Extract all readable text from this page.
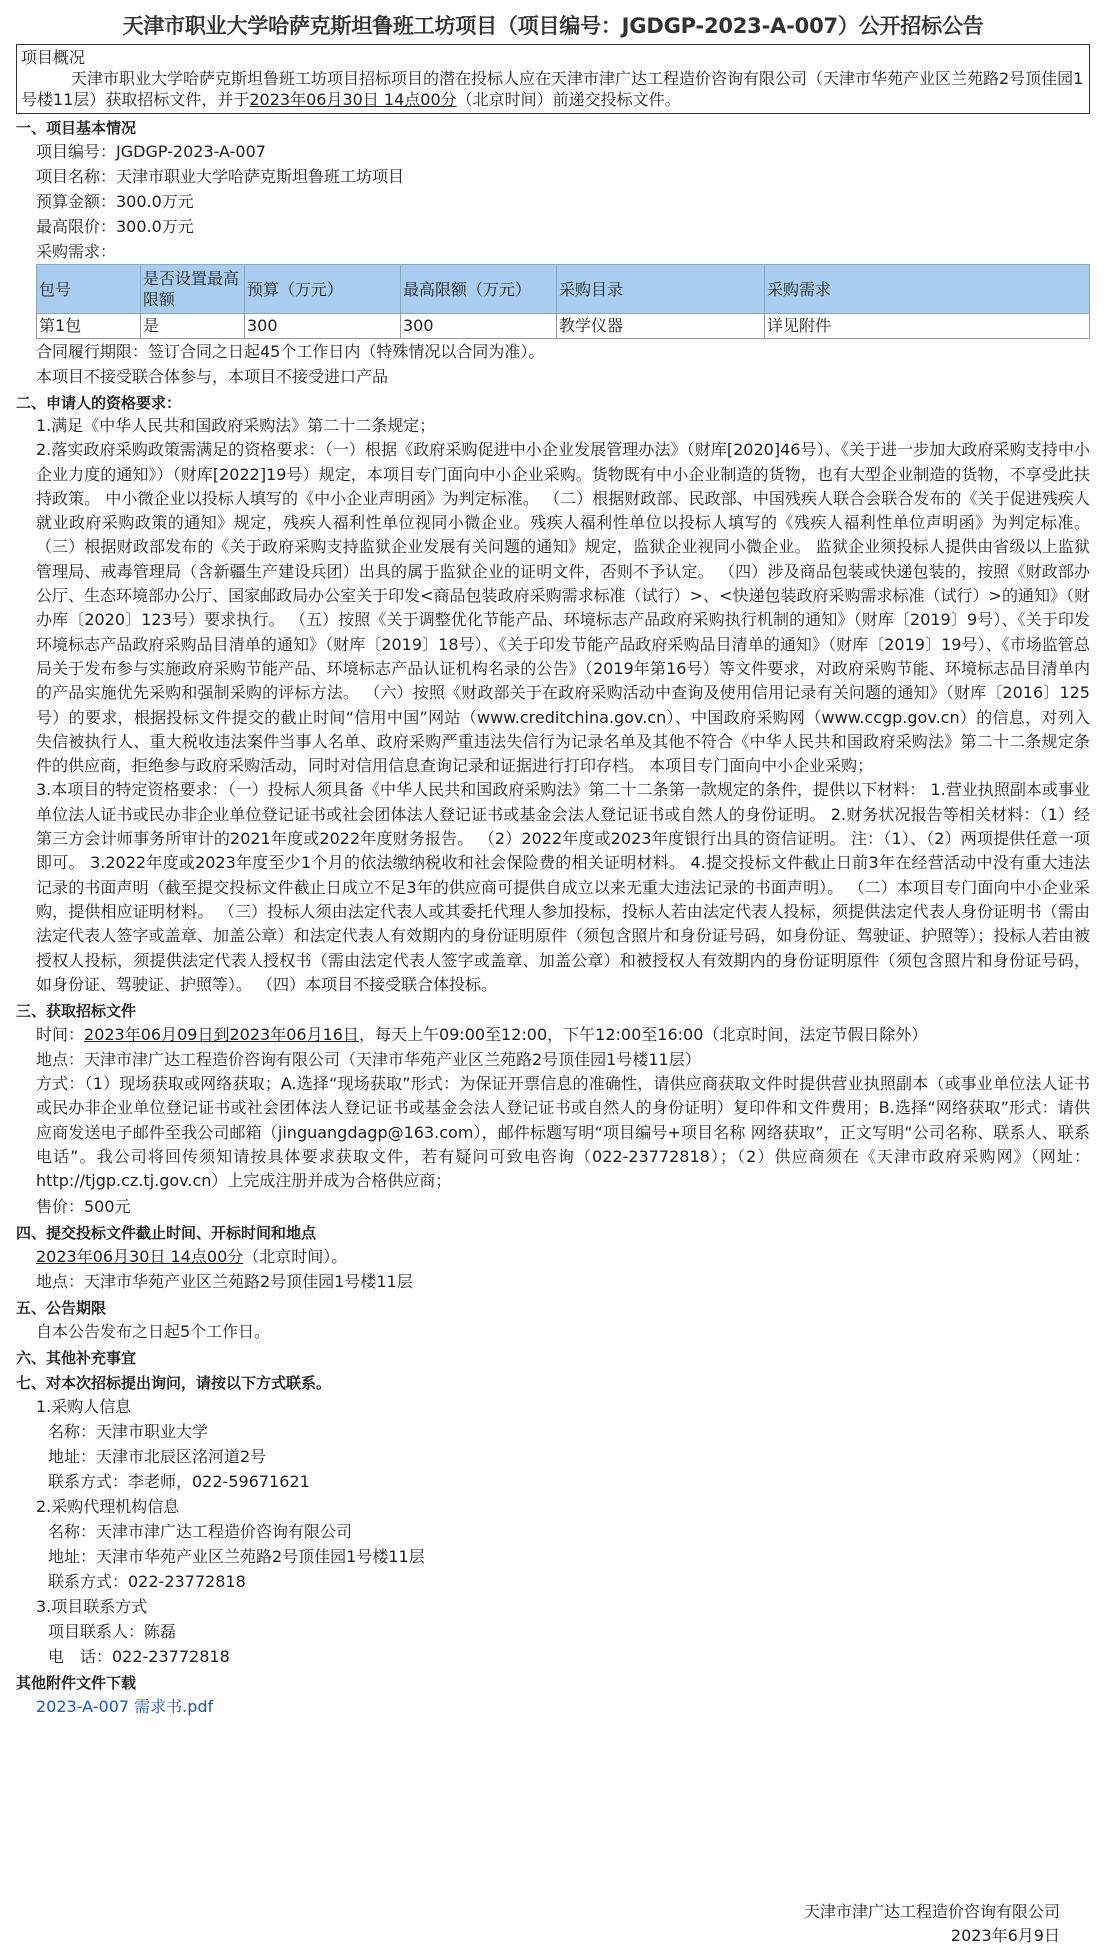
天津市职业大学哈萨克斯坦鲁班工坊项目（项目编号：JGDGP-2023-A-007）公开招标公告
项目概况
天津市职业大学哈萨克斯坦鲁班工坊项目招标项目的潜在投标人应在天津市津广达工程造价咨询有限公司（天津市华苑产业区兰苑路2号顶佳园1号楼11层）获取招标文件，并于2023年06月30日 14点00分（北京时间）前递交投标文件。
一、项目基本情况
项目编号：JGDGP-2023-A-007
项目名称：天津市职业大学哈萨克斯坦鲁班工坊项目
预算金额：300.0万元
最高限价：300.0万元
采购需求：
包号	是否设置最高限额	预算（万元）	最高限额（万元）	采购目录	采购需求
第1包	是	300	300	教学仪器	详见附件
合同履行期限：签订合同之日起45个工作日内（特殊情况以合同为准）。
本项目不接受联合体参与，本项目不接受进口产品
二、申请人的资格要求：

1.满足《中华人民共和国政府采购法》第二十二条规定；

2.落实政府采购政策需满足的资格要求：（一）根据《政府采购促进中小企业发展管理办法》（财库[2020]46号）、《关于进一步加大政府采购支持中小企业力度的通知》）（财库[2022]19号）规定，本项目专门面向中小企业采购。货物既有中小企业制造的货物，也有大型企业制造的货物，不享受此扶持政策。 中小微企业以投标人填写的《中小企业声明函》为判定标准。 （二）根据财政部、民政部、中国残疾人联合会联合发布的《关于促进残疾人就业政府采购政策的通知》规定，残疾人福利性单位视同小微企业。残疾人福利性单位以投标人填写的《残疾人福利性单位声明函》为判定标准。 （三）根据财政部发布的《关于政府采购支持监狱企业发展有关问题的通知》规定，监狱企业视同小微企业。 监狱企业须投标人提供由省级以上监狱管理局、戒毒管理局（含新疆生产建设兵团）出具的属于监狱企业的证明文件，否则不予认定。 （四）涉及商品包装或快递包装的，按照《财政部办公厅、生态环境部办公厅、国家邮政局办公室关于印发<商品包装政府采购需求标准（试行）>、<快递包装政府采购需求标准（试行）>的通知》（财办库〔2020〕123号）要求执行。 （五）按照《关于调整优化节能产品、环境标志产品政府采购执行机制的通知》（财库〔2019〕9号）、《关于印发环境标志产品政府采购品目清单的通知》（财库〔2019〕18号）、《关于印发节能产品政府采购品目清单的通知》（财库〔2019〕19号）、《市场监管总局关于发布参与实施政府采购节能产品、环境标志产品认证机构名录的公告》（2019年第16号）等文件要求，对政府采购节能、环境标志品目清单内的产品实施优先采购和强制采购的评标方法。 （六）按照《财政部关于在政府采购活动中查询及使用信用记录有关问题的通知》（财库〔2016〕125号）的要求，根据投标文件提交的截止时间“信用中国”网站（www.creditchina.gov.cn）、中国政府采购网（www.ccgp.gov.cn）的信息，对列入失信被执行人、重大税收违法案件当事人名单、政府采购严重违法失信行为记录名单及其他不符合《中华人民共和国政府采购法》第二十二条规定条件的供应商，拒绝参与政府采购活动，同时对信用信息查询记录和证据进行打印存档。 本项目专门面向中小企业采购；

3.本项目的特定资格要求：（一）投标人须具备《中华人民共和国政府采购法》第二十二条第一款规定的条件，提供以下材料： 1.营业执照副本或事业单位法人证书或民办非企业单位登记证书或社会团体法人登记证书或基金会法人登记证书或自然人的身份证明。 2.财务状况报告等相关材料：（1）经第三方会计师事务所审计的2021年度或2022年度财务报告。 （2）2022年度或2023年度银行出具的资信证明。 注：（1）、（2）两项提供任意一项即可。 3.2022年度或2023年度至少1个月的依法缴纳税收和社会保险费的相关证明材料。 4.提交投标文件截止日前3年在经营活动中没有重大违法记录的书面声明（截至提交投标文件截止日成立不足3年的供应商可提供自成立以来无重大违法记录的书面声明）。 （二）本项目专门面向中小企业采购，提供相应证明材料。 （三）投标人须由法定代表人或其委托代理人参加投标，投标人若由法定代表人投标，须提供法定代表人身份证明书（需由法定代表人签字或盖章、加盖公章）和法定代表人有效期内的身份证明原件（须包含照片和身份证号码，如身份证、驾驶证、护照等）；投标人若由被授权人投标，须提供法定代表人授权书（需由法定代表人签字或盖章、加盖公章）和被授权人有效期内的身份证明原件（须包含照片和身份证号码，如身份证、驾驶证、护照等）。 （四）本项目不接受联合体投标。

三、获取招标文件
时间：2023年06月09日到2023年06月16日，每天上午09:00至12:00，下午12:00至16:00（北京时间，法定节假日除外）
地点：天津市津广达工程造价咨询有限公司（天津市华苑产业区兰苑路2号顶佳园1号楼11层）
方式：（1）现场获取或网络获取；A.选择“现场获取”形式：为保证开票信息的准确性，请供应商获取文件时提供营业执照副本（或事业单位法人证书或民办非企业单位登记证书或社会团体法人登记证书或基金会法人登记证书或自然人的身份证明）复印件和文件费用；B.选择“网络获取”形式：请供应商发送电子邮件至我公司邮箱（jinguangdagp@163.com），邮件标题写明“项目编号+项目名称 网络获取”，正文写明“公司名称、联系人、联系电话”。我公司将回传须知请按具体要求获取文件，若有疑问可致电咨询（022-23772818）；（2）供应商须在《天津市政府采购网》（网址：http://tjgp.cz.tj.gov.cn）上完成注册并成为合格供应商；
售价：500元
四、提交投标文件截止时间、开标时间和地点
2023年06月30日 14点00分（北京时间）。
地点：天津市华苑产业区兰苑路2号顶佳园1号楼11层
五、公告期限
自本公告发布之日起5个工作日。
六、其他补充事宜
七、对本次招标提出询问，请按以下方式联系。
1.采购人信息
名称：天津市职业大学
地址：天津市北辰区洺河道2号
联系方式：李老师，022-59671621
2.采购代理机构信息
名称：天津市津广达工程造价咨询有限公司
地址：天津市华苑产业区兰苑路2号顶佳园1号楼11层
联系方式：022-23772818
3.项目联系方式
项目联系人：陈磊
电　话：022-23772818
其他附件文件下载
2023-A-007 需求书.pdf
天津市津广达工程造价咨询有限公司
2023年6月9日
